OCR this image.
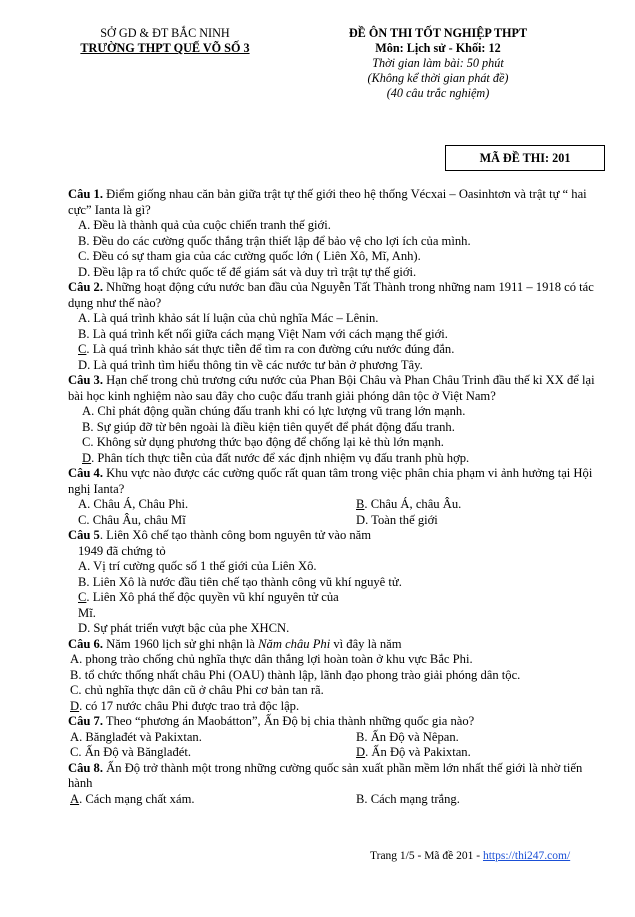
SỞ GD & ĐT BẮC NINH
TRƯỜNG THPT QUẾ VÕ SỐ 3
ĐỀ ÔN THI TỐT NGHIỆP THPT
Môn: Lịch sử - Khối: 12
Thời gian làm bài: 50 phút
(Không kể thời gian phát đề)
(40 câu trắc nghiệm)
MÃ ĐỀ THI: 201

Câu 1. Điểm giống nhau căn bản giữa trật tự thế giới theo hệ thống Vécxai – Oasinhtơn và trật tự “ hai cực” Ianta là gì?

A. Đều là thành quả của cuộc chiến tranh thế giới.
B. Đều do các cường quốc thắng trận thiết lập để bảo vệ cho lợi ích của mình.
C. Đều có sự tham gia của các cường quốc lớn ( Liên Xô, Mĩ, Anh).
D. Đều lập ra tổ chức quốc tế để giám sát và duy trì trật tự thế giới.

Câu 2. Những hoạt động cứu nước ban đầu của Nguyễn Tất Thành trong những nam 1911 – 1918 có tác dụng như thế nào?

A. Là quá trình khảo sát lí luận của chủ nghĩa Mác – Lênin.
B. Là quá trình kết nối giữa cách mạng Việt Nam với cách mạng thế giới.
C. Là quá trình khảo sát thực tiễn để tìm ra con đường cứu nước đúng đắn.
D. Là quá trình tìm hiểu thông tin về các nước tư bản ở phương Tây.

Câu 3. Hạn chế trong chủ trương cứu nước của Phan Bội Châu và Phan Châu Trinh đầu thế kỉ XX để lại bài học kinh nghiệm nào sau đây cho cuộc đấu tranh giải phóng dân tộc ở Việt Nam?

A. Chỉ phát động quần chúng đấu tranh khi có lực lượng vũ trang lớn mạnh.
B. Sự giúp đỡ từ bên ngoài là điều kiện tiên quyết để phát động đấu tranh.
C. Không sử dụng phương thức bạo động để chống lại kẻ thù lớn mạnh.
D. Phân tích thực tiễn của đất nước để xác định nhiệm vụ đấu tranh phù hợp.

Câu 4. Khu vực nào được các cường quốc rất quan tâm trong việc phân chia phạm vi ảnh hưởng tại Hội nghị Ianta?

A. Châu Á, Châu Phi.	B. Châu Á, châu Âu.
C. Châu Âu, châu Mĩ	D. Toàn thế giới

Câu 5. Liên Xô chế tạo thành công bom nguyên tử vào năm

1949 đã chứng tỏ
A. Vị trí cường quốc số 1 thế giới của Liên Xô.
B. Liên Xô là nước đầu tiên chế tạo thành công vũ khí nguyê tử.
C. Liên Xô phá thế độc quyền vũ khí nguyên tử của
Mĩ.
D. Sự phát triển vượt bậc của phe XHCN.

Câu 6. Năm 1960 lịch sử ghi nhận là Năm châu Phi vì đây là năm

A. phong trào chống chủ nghĩa thực dân thắng lợi hoàn toàn ở khu vực Bắc Phi.
B. tổ chức thống nhất châu Phi (OAU) thành lập, lãnh đạo phong trào giải phóng dân tộc.
C. chủ nghĩa thực dân cũ ở châu Phi cơ bản tan rã.
D. có 17 nước châu Phi được trao trả độc lập.

Câu 7. Theo “phương án Maobátton”, Ấn Độ bị chia thành những quốc gia nào?

A. Bănglađét và Pakixtan.	B. Ấn Độ và Nêpan.
C. Ấn Độ và Bănglađét.	D. Ấn Độ và Pakixtan.

Câu 8. Ấn Độ trở thành một trong những cường quốc sản xuất phần mềm lớn nhất thế giới là nhờ tiến hành

A. Cách mạng chất xám.	B. Cách mạng trắng.
Trang 1/5 - Mã đề 201 - https://thi247.com/
